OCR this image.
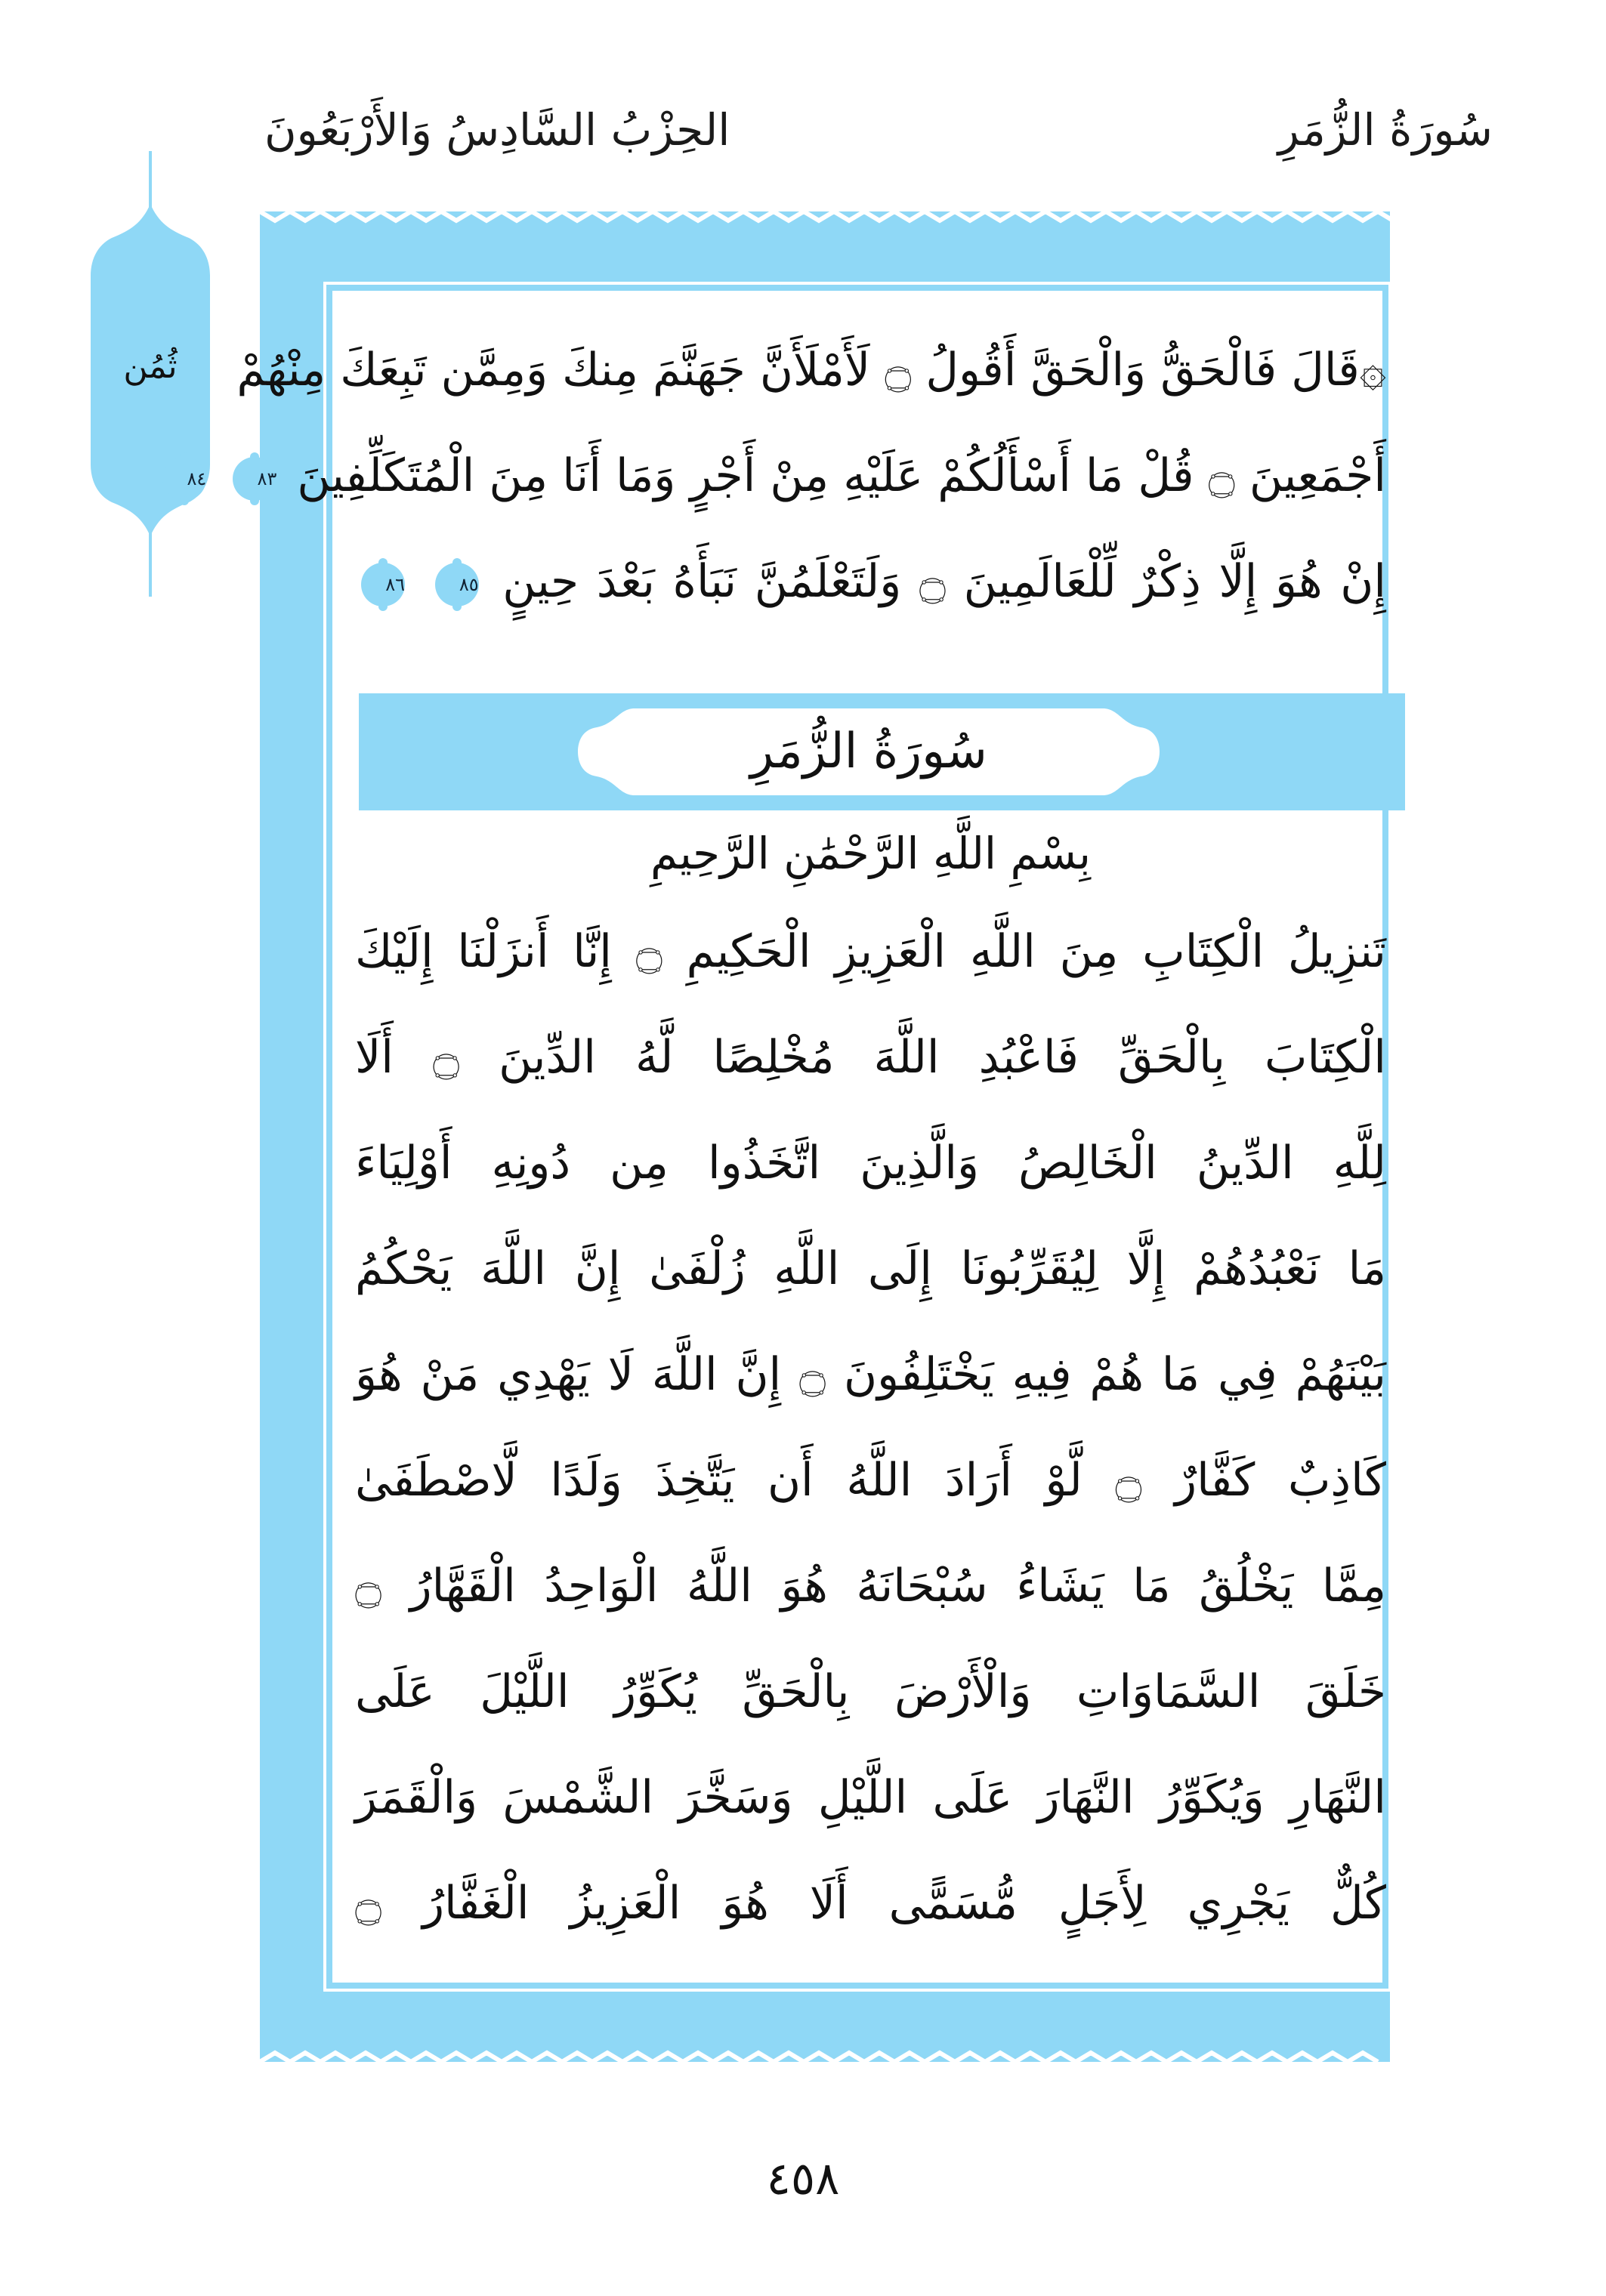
سُورَةُ الزُّمَرِ
الحِزْبُ السَّادِسُ وَالأَرْبَعُونَ
ثُمُن	۞قَالَ فَالْحَقُّ وَالْحَقَّ أَقُولُ ۝ لَأَمْلَأَنَّ جَهَنَّمَ مِنكَ وَمِمَّن تَبِعَكَ مِنْهُمْ
أَجْمَعِينَ ۝ قُلْ مَا أَسْأَلُكُمْ عَلَيْهِ مِنْ أَجْرٍ وَمَا أَنَا مِنَ الْمُتَكَلِّفِينَ ٨٣ ٨٤
إِنْ هُوَ إِلَّا ذِكْرٌ لِّلْعَالَمِينَ ۝ وَلَتَعْلَمُنَّ نَبَأَهُ بَعْدَ حِينٍ ٨٥ ٨٦
سُورَةُ الزُّمَرِ
بِسْمِ اللَّهِ الرَّحْمَٰنِ الرَّحِيمِ
تَنزِيلُ الْكِتَابِ مِنَ اللَّهِ الْعَزِيزِ الْحَكِيمِ ۝ إِنَّا أَنزَلْنَا إِلَيْكَ
الْكِتَابَ بِالْحَقِّ فَاعْبُدِ اللَّهَ مُخْلِصًا لَّهُ الدِّينَ ۝ أَلَا
لِلَّهِ الدِّينُ الْخَالِصُ وَالَّذِينَ اتَّخَذُوا مِن دُونِهِ أَوْلِيَاءَ
مَا نَعْبُدُهُمْ إِلَّا لِيُقَرِّبُونَا إِلَى اللَّهِ زُلْفَىٰ إِنَّ اللَّهَ يَحْكُمُ
بَيْنَهُمْ فِي مَا هُمْ فِيهِ يَخْتَلِفُونَ ۝ إِنَّ اللَّهَ لَا يَهْدِي مَنْ هُوَ
كَاذِبٌ كَفَّارٌ ۝ لَّوْ أَرَادَ اللَّهُ أَن يَتَّخِذَ وَلَدًا لَّاصْطَفَىٰ
مِمَّا يَخْلُقُ مَا يَشَاءُ سُبْحَانَهُ هُوَ اللَّهُ الْوَاحِدُ الْقَهَّارُ ۝
خَلَقَ السَّمَاوَاتِ وَالْأَرْضَ بِالْحَقِّ يُكَوِّرُ اللَّيْلَ عَلَى
النَّهَارِ وَيُكَوِّرُ النَّهَارَ عَلَى اللَّيْلِ وَسَخَّرَ الشَّمْسَ وَالْقَمَرَ
كُلٌّ يَجْرِي لِأَجَلٍ مُّسَمًّى أَلَا هُوَ الْعَزِيزُ الْغَفَّارُ ۝
٤٥٨
